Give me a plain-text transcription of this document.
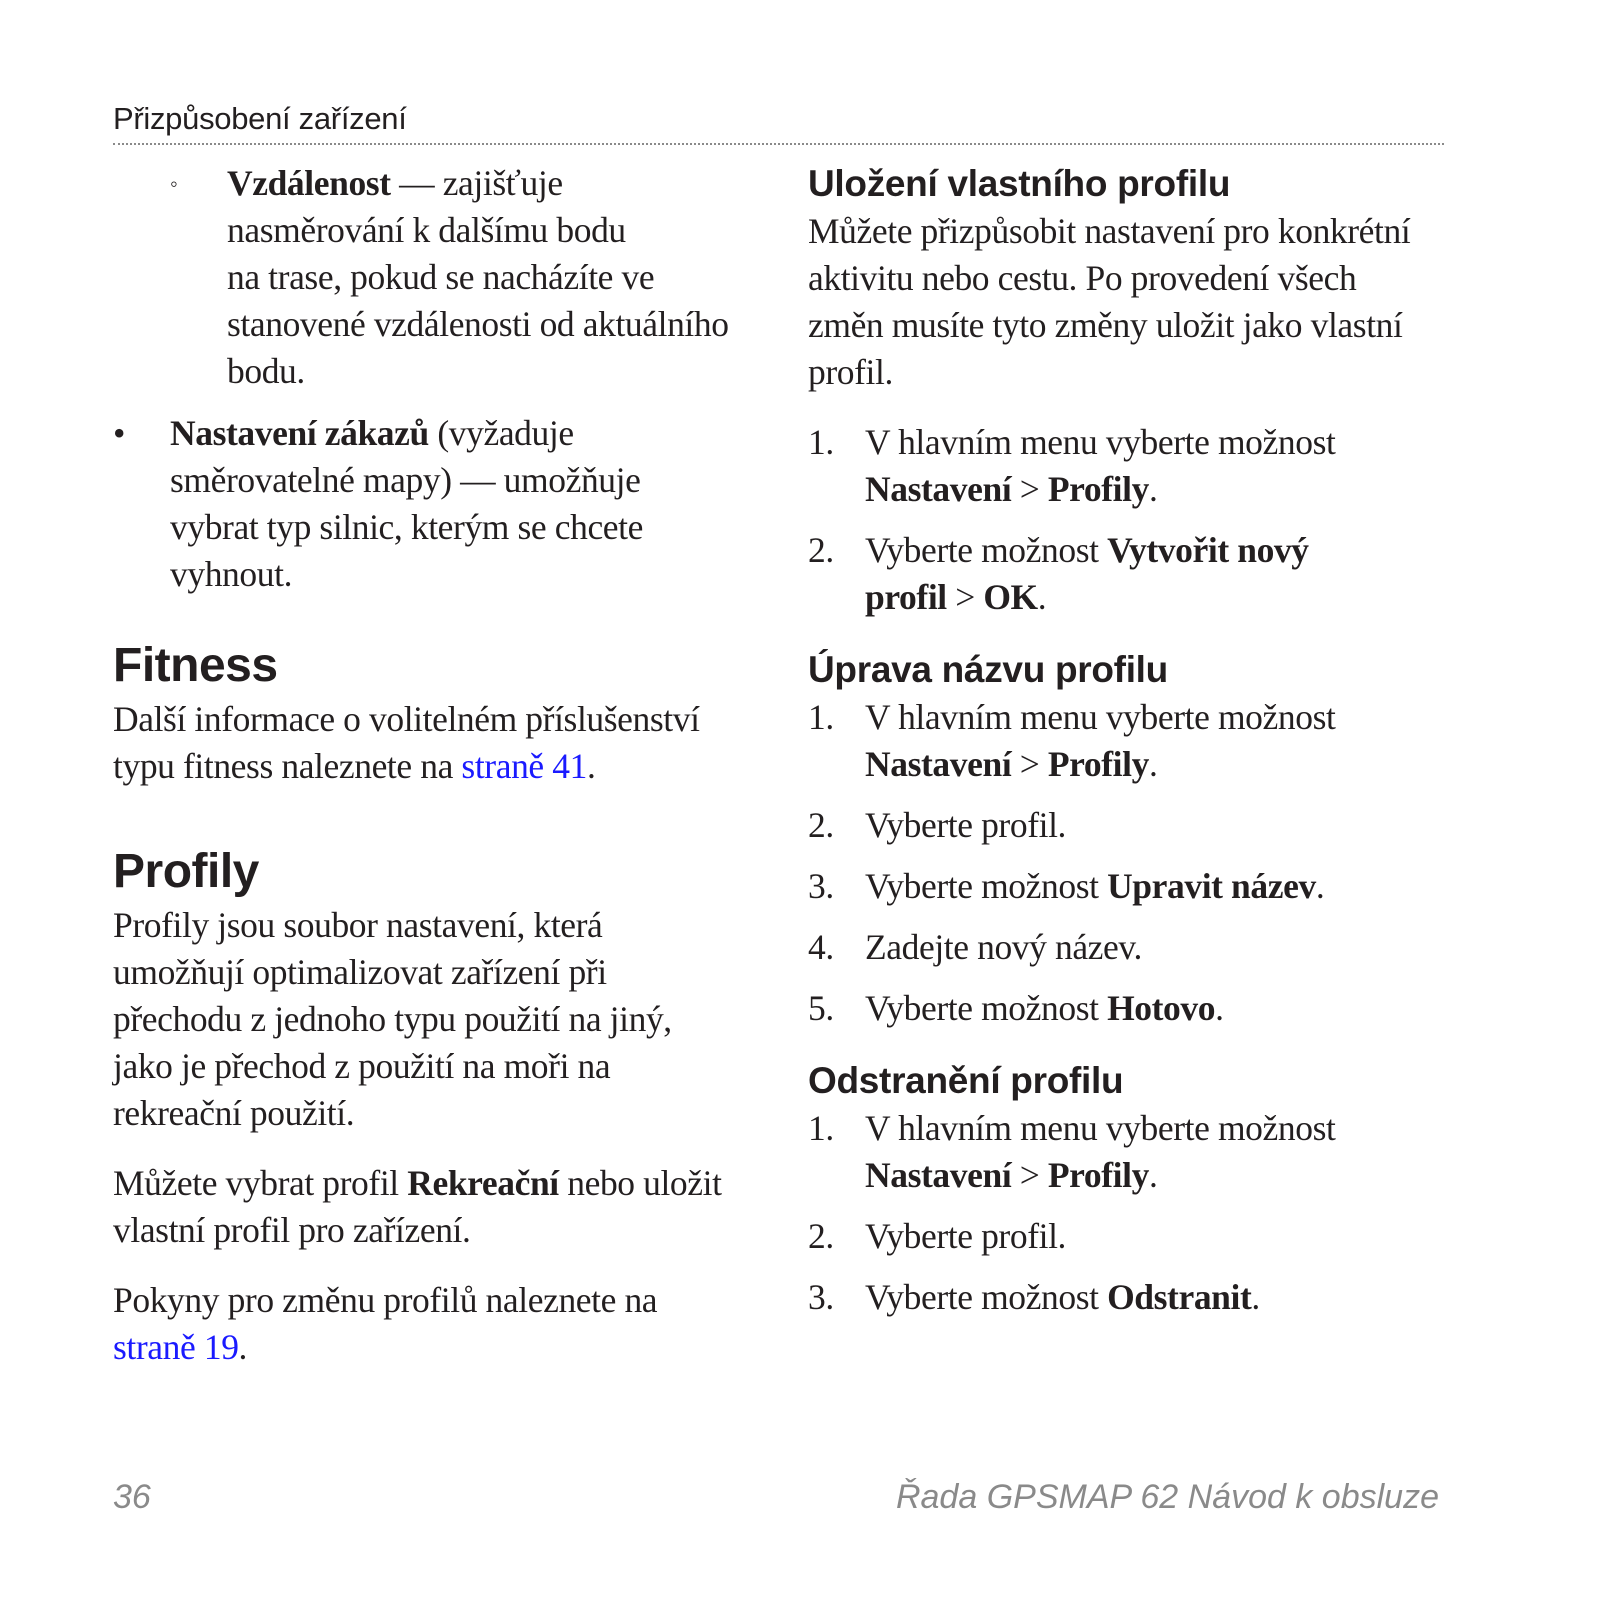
Přizpůsobení zařízení
◦ Vzdálenost — zajišťuje
nasměrování k dalšímu bodu
na trase, pokud se nacházíte ve
stanovené vzdálenosti od aktuálního
bodu.
• Nastavení zákazů (vyžaduje
směrovatelné mapy) — umožňuje
vybrat typ silnic, kterým se chcete
vyhnout.
Fitness
Další informace o volitelném příslušenství
typu fitness naleznete na straně 41.
Profily
Profily jsou soubor nastavení, která
umožňují optimalizovat zařízení při
přechodu z jednoho typu použití na jiný,
jako je přechod z použití na moři na
rekreační použití.
Můžete vybrat profil Rekreační nebo uložit
vlastní profil pro zařízení.
Pokyny pro změnu profilů naleznete na
straně 19.
Uložení vlastního profilu
Můžete přizpůsobit nastavení pro konkrétní
aktivitu nebo cestu. Po provedení všech
změn musíte tyto změny uložit jako vlastní
profil.
1. V hlavním menu vyberte možnost
Nastavení > Profily.
2. Vyberte možnost Vytvořit nový
profil > OK.
Úprava názvu profilu
1. V hlavním menu vyberte možnost
Nastavení > Profily.
2. Vyberte profil.
3. Vyberte možnost Upravit název.
4. Zadejte nový název.
5. Vyberte možnost Hotovo.
Odstranění profilu
1. V hlavním menu vyberte možnost
Nastavení > Profily.
2. Vyberte profil.
3. Vyberte možnost Odstranit.
36	Řada GPSMAP 62 Návod k obsluze
